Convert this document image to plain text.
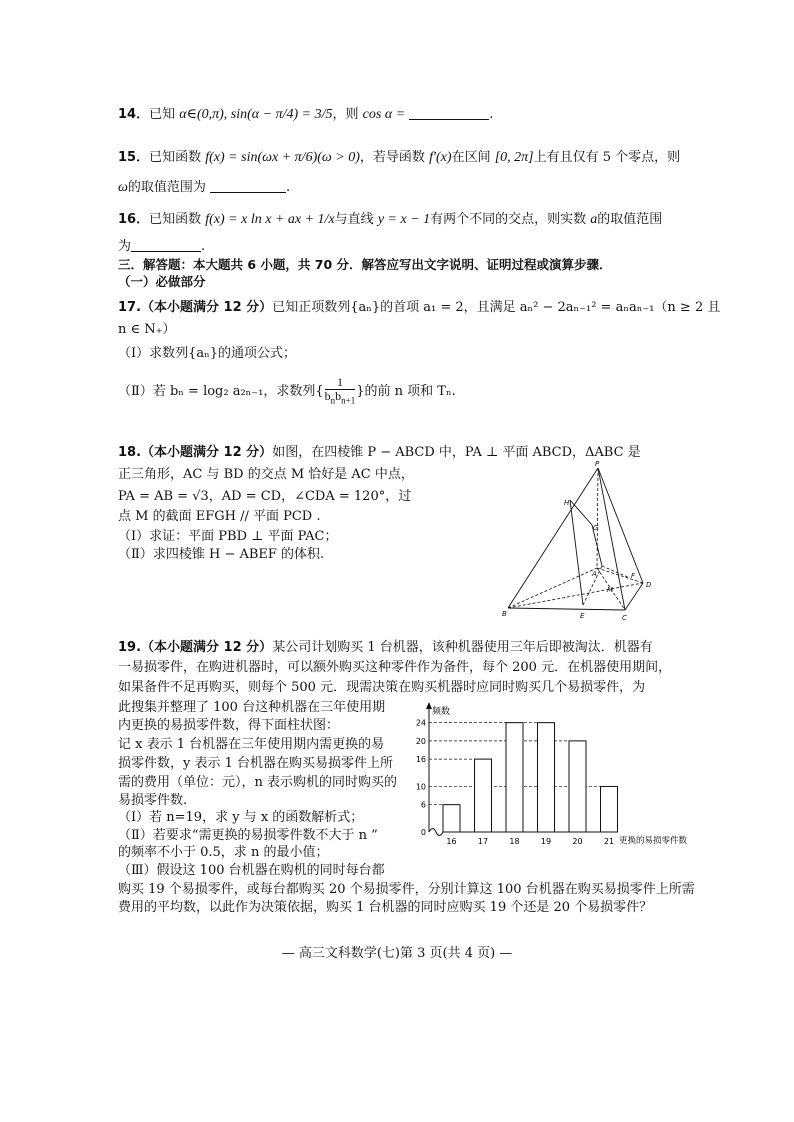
14．已知 α∈(0,π), sin(α − π/4) = 3/5，则 cos α =	.
15．已知函数 f(x) = sin(ωx + π/6)(ω > 0)，若导函数 f′(x)在区间 [0, 2π]上有且仅有 5 个零点，则
ω的取值范围为	.
16．已知函数 f(x) = x ln x + ax + 1/x与直线 y = x − 1有两个不同的交点，则实数 a的取值范围
为	.
三．解答题：本大题共 6 小题，共 70 分．解答应写出文字说明、证明过程或演算步骤．
（一）必做部分
17.（本小题满分 12 分）已知正项数列{aₙ}的首项 a₁ = 2，且满足 aₙ² − 2aₙ₋₁² = aₙaₙ₋₁（n ≥ 2 且
n ∈ N₊）
（Ⅰ）求数列{aₙ}的通项公式；
（Ⅱ）若 bₙ = log₂ a₂ₙ₋₁，求数列{ $\frac{1}{b_nb_{n+1}}$ }的前 n 项和 Tₙ.
18.（本小题满分 12 分）如图，在四棱锥 P − ABCD 中，PA ⊥ 平面 ABCD，ΔABC 是
正三角形，AC 与 BD 的交点 M 恰好是 AC 中点，
PA = AB = √3，AD = CD，∠CDA = 120°，过
点 M 的截面 EFGH // 平面 PCD .
（Ⅰ）求证：平面 PBD ⊥ 平面 PAC；
（Ⅱ）求四棱锥 H − ABEF 的体积.
P
H
G
A
D
M
F
B	E	C
19.（本小题满分 12 分）某公司计划购买 1 台机器，该种机器使用三年后即被淘汰．机器有
一易损零件，在购进机器时，可以额外购买这种零件作为备件，每个 200 元．在机器使用期间，
如果备件不足再购买，则每个 500 元．现需决策在购买机器时应同时购买几个易损零件，为
此搜集并整理了 100 台这种机器在三年使用期
内更换的易损零件数，得下面柱状图：
记 x 表示 1 台机器在三年使用期内需更换的易
损零件数，y 表示 1 台机器在购买易损零件上所
需的费用（单位：元），n 表示购机的同时购买的
易损零件数.
（Ⅰ）若 n=19，求 y 与 x 的函数解析式；
（Ⅱ）若要求“需更换的易损零件数不大于 n ”
的频率不小于 0.5，求 n 的最小值；
（Ⅲ）假设这 100 台机器在购机的同时每台都
购买 19 个易损零件，或每台都购买 20 个易损零件，分别计算这 100 台机器在购买易损零件上所需
费用的平均数，以此作为决策依据，购买 1 台机器的同时应购买 19 个还是 20 个易损零件？
0
6
10
16
20
24
16	17	18	19	20	21
频数
更换的易损零件数
— 高三文科数学(七)第 3 页(共 4 页) —
